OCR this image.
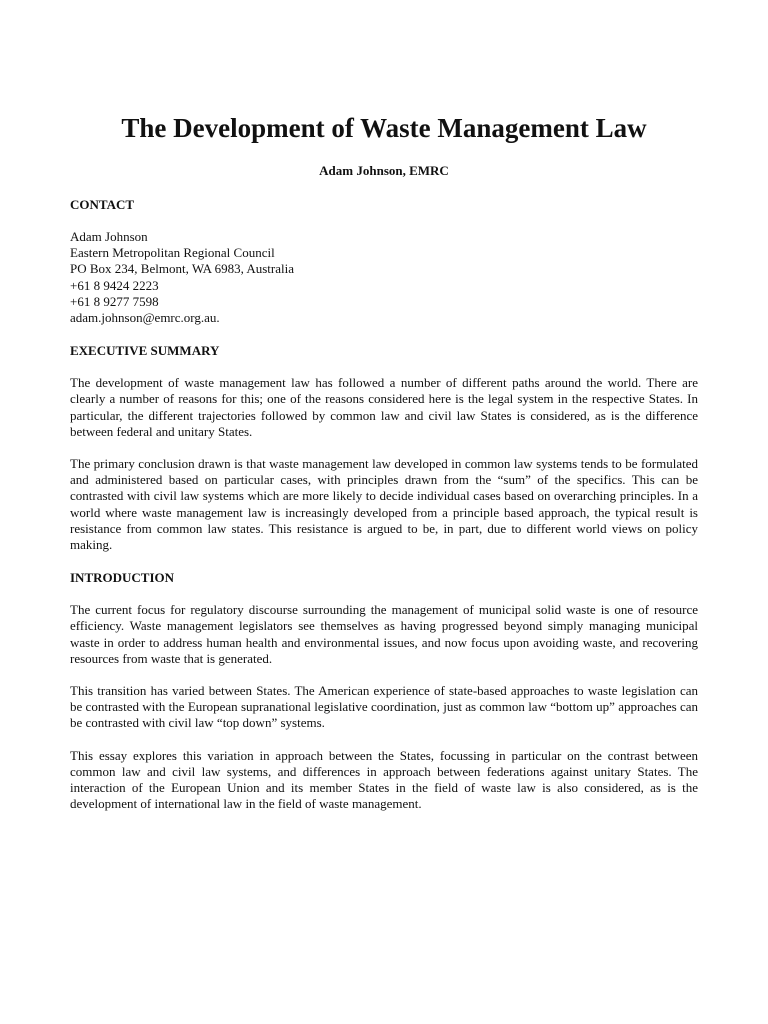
The Development of Waste Management Law

Adam Johnson, EMRC

CONTACT
Adam Johnson
Eastern Metropolitan Regional Council
PO Box 234, Belmont, WA 6983, Australia
+61 8 9424 2223
+61 8 9277 7598
adam.johnson@emrc.org.au.
EXECUTIVE SUMMARY

The development of waste management law has followed a number of different paths around the world. There are clearly a number of reasons for this; one of the reasons considered here is the legal system in the respective States. In particular, the different trajectories followed by common law and civil law States is considered, as is the difference between federal and unitary States.

The primary conclusion drawn is that waste management law developed in common law systems tends to be formulated and administered based on particular cases, with principles drawn from the “sum” of the specifics. This can be contrasted with civil law systems which are more likely to decide individual cases based on overarching principles. In a world where waste management law is increasingly developed from a principle based approach, the typical result is resistance from common law states. This resistance is argued to be, in part, due to different world views on policy making.

INTRODUCTION

The current focus for regulatory discourse surrounding the management of municipal solid waste is one of resource efficiency. Waste management legislators see themselves as having progressed beyond simply managing municipal waste in order to address human health and environmental issues, and now focus upon avoiding waste, and recovering resources from waste that is generated.

This transition has varied between States. The American experience of state-based approaches to waste legislation can be contrasted with the European supranational legislative coordination, just as common law “bottom up” approaches can be contrasted with civil law “top down” systems.

This essay explores this variation in approach between the States, focussing in particular on the contrast between common law and civil law systems, and differences in approach between federations against unitary States. The interaction of the European Union and its member States in the field of waste law is also considered, as is the development of international law in the field of waste management.
